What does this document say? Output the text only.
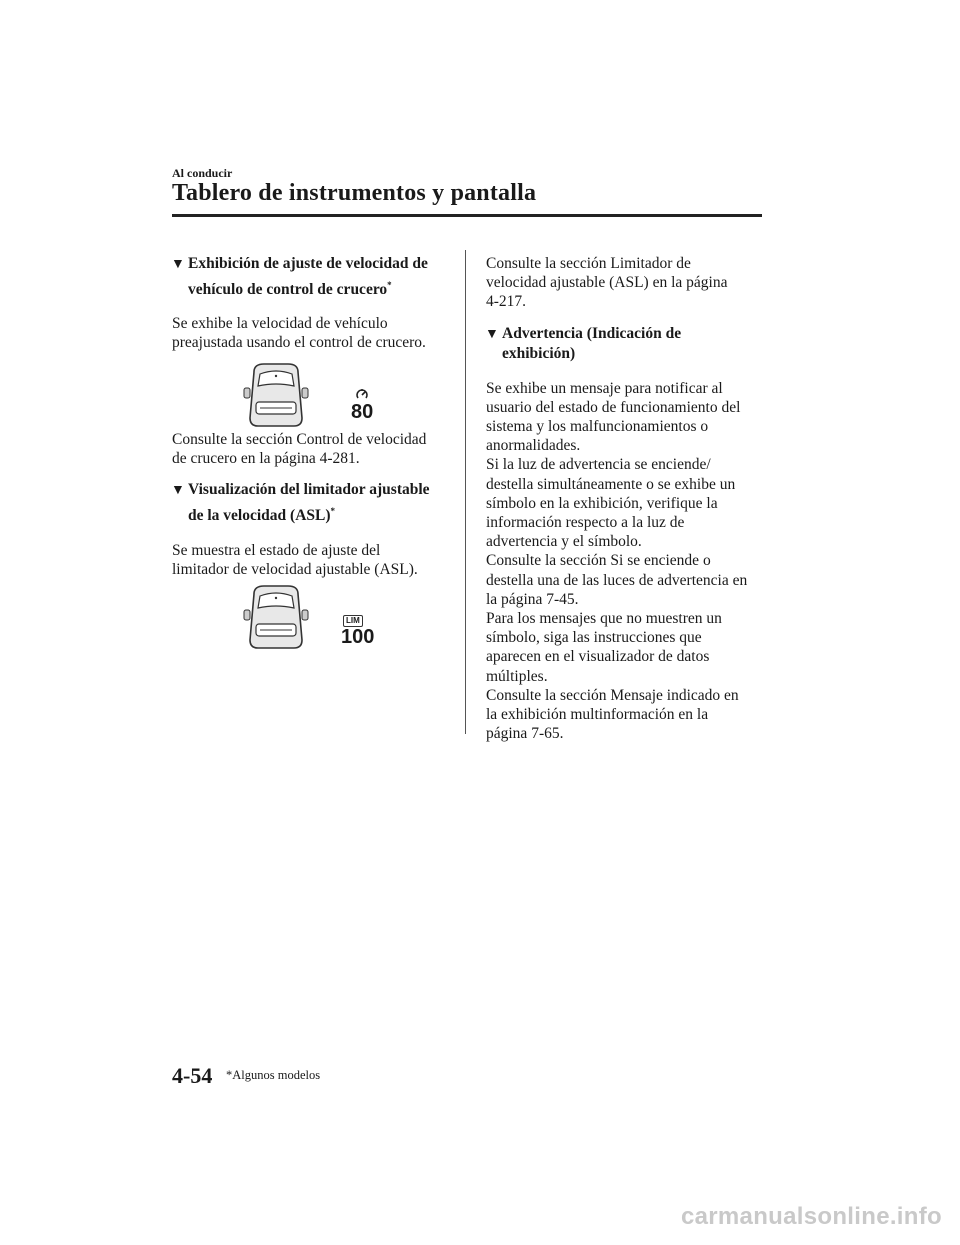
Al conducir
Tablero de instrumentos y pantalla
▼ Exhibición de ajuste de velocidad de
vehículo de control de crucero*

Se exhibe la velocidad de vehículo
preajustada usando el control de crucero.

80

Consulte la sección Control de velocidad
de crucero en la página 4-281.

▼ Visualización del limitador ajustable
de la velocidad (ASL)*

Se muestra el estado de ajuste del
limitador de velocidad ajustable (ASL).

LIM
100

Consulte la sección Limitador de
velocidad ajustable (ASL) en la página
4-217.

▼ Advertencia (Indicación de
exhibición)

Se exhibe un mensaje para notificar al
usuario del estado de funcionamiento del
sistema y los malfuncionamientos o
anormalidades.
Si la luz de advertencia se enciende/
destella simultáneamente o se exhibe un
símbolo en la exhibición, verifique la
información respecto a la luz de
advertencia y el símbolo.
Consulte la sección Si se enciende o
destella una de las luces de advertencia en
la página 7-45.
Para los mensajes que no muestren un
símbolo, siga las instrucciones que
aparecen en el visualizador de datos
múltiples.
Consulte la sección Mensaje indicado en
la exhibición multinformación en la
página 7-65.

4-54 *Algunos modelos
carmanualsonline.info
